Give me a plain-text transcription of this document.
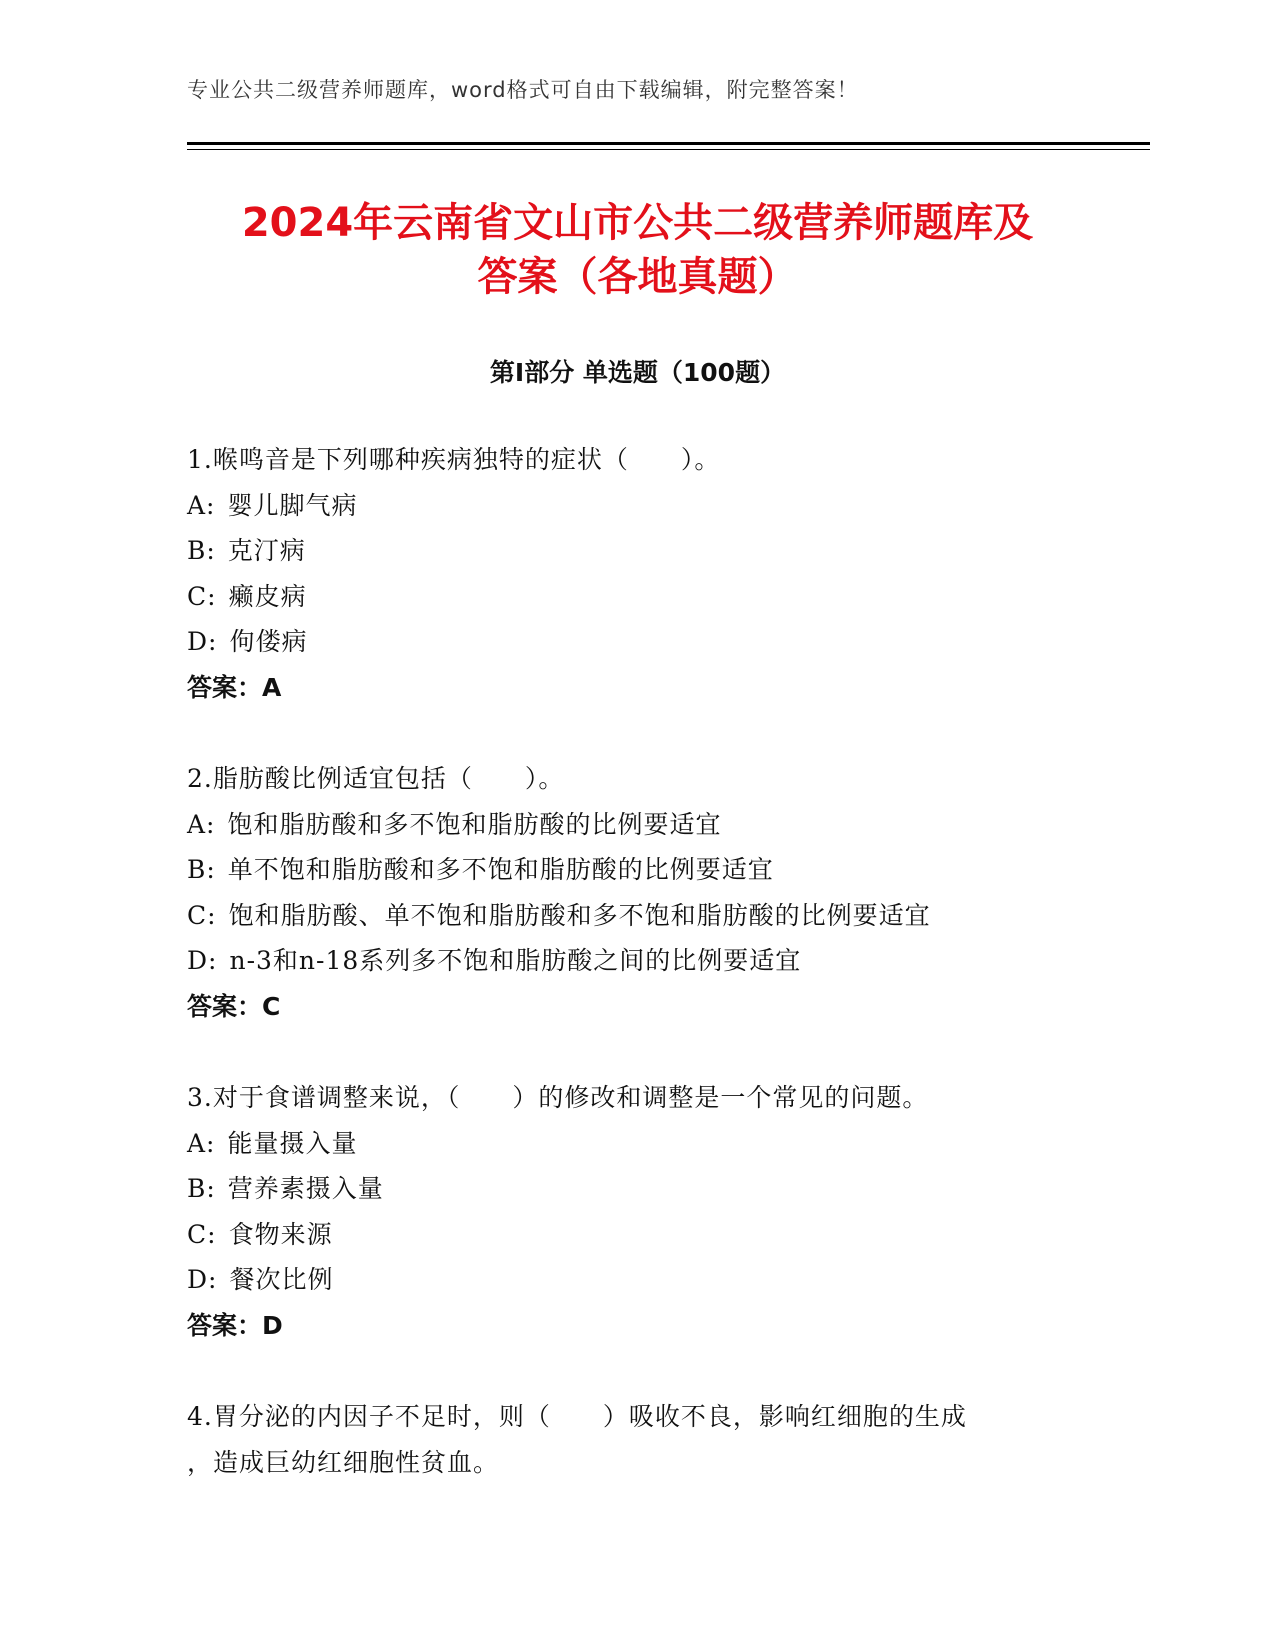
专业公共二级营养师题库，word格式可自由下载编辑，附完整答案！
2024年云南省文山市公共二级营养师题库及
答案（各地真题）
第I部分 单选题（100题）
1.喉鸣音是下列哪种疾病独特的症状（　　）。
A: 婴儿脚气病
B: 克汀病
C: 癞皮病
D: 佝偻病
答案：A
2.脂肪酸比例适宜包括（　　）。
A: 饱和脂肪酸和多不饱和脂肪酸的比例要适宜
B: 单不饱和脂肪酸和多不饱和脂肪酸的比例要适宜
C: 饱和脂肪酸、单不饱和脂肪酸和多不饱和脂肪酸的比例要适宜
D: n-3和n-18系列多不饱和脂肪酸之间的比例要适宜
答案：C
3.对于食谱调整来说，（　　）的修改和调整是一个常见的问题。
A: 能量摄入量
B: 营养素摄入量
C: 食物来源
D: 餐次比例
答案：D
4.胃分泌的内因子不足时，则（　　）吸收不良，影响红细胞的生成
，造成巨幼红细胞性贫血。
